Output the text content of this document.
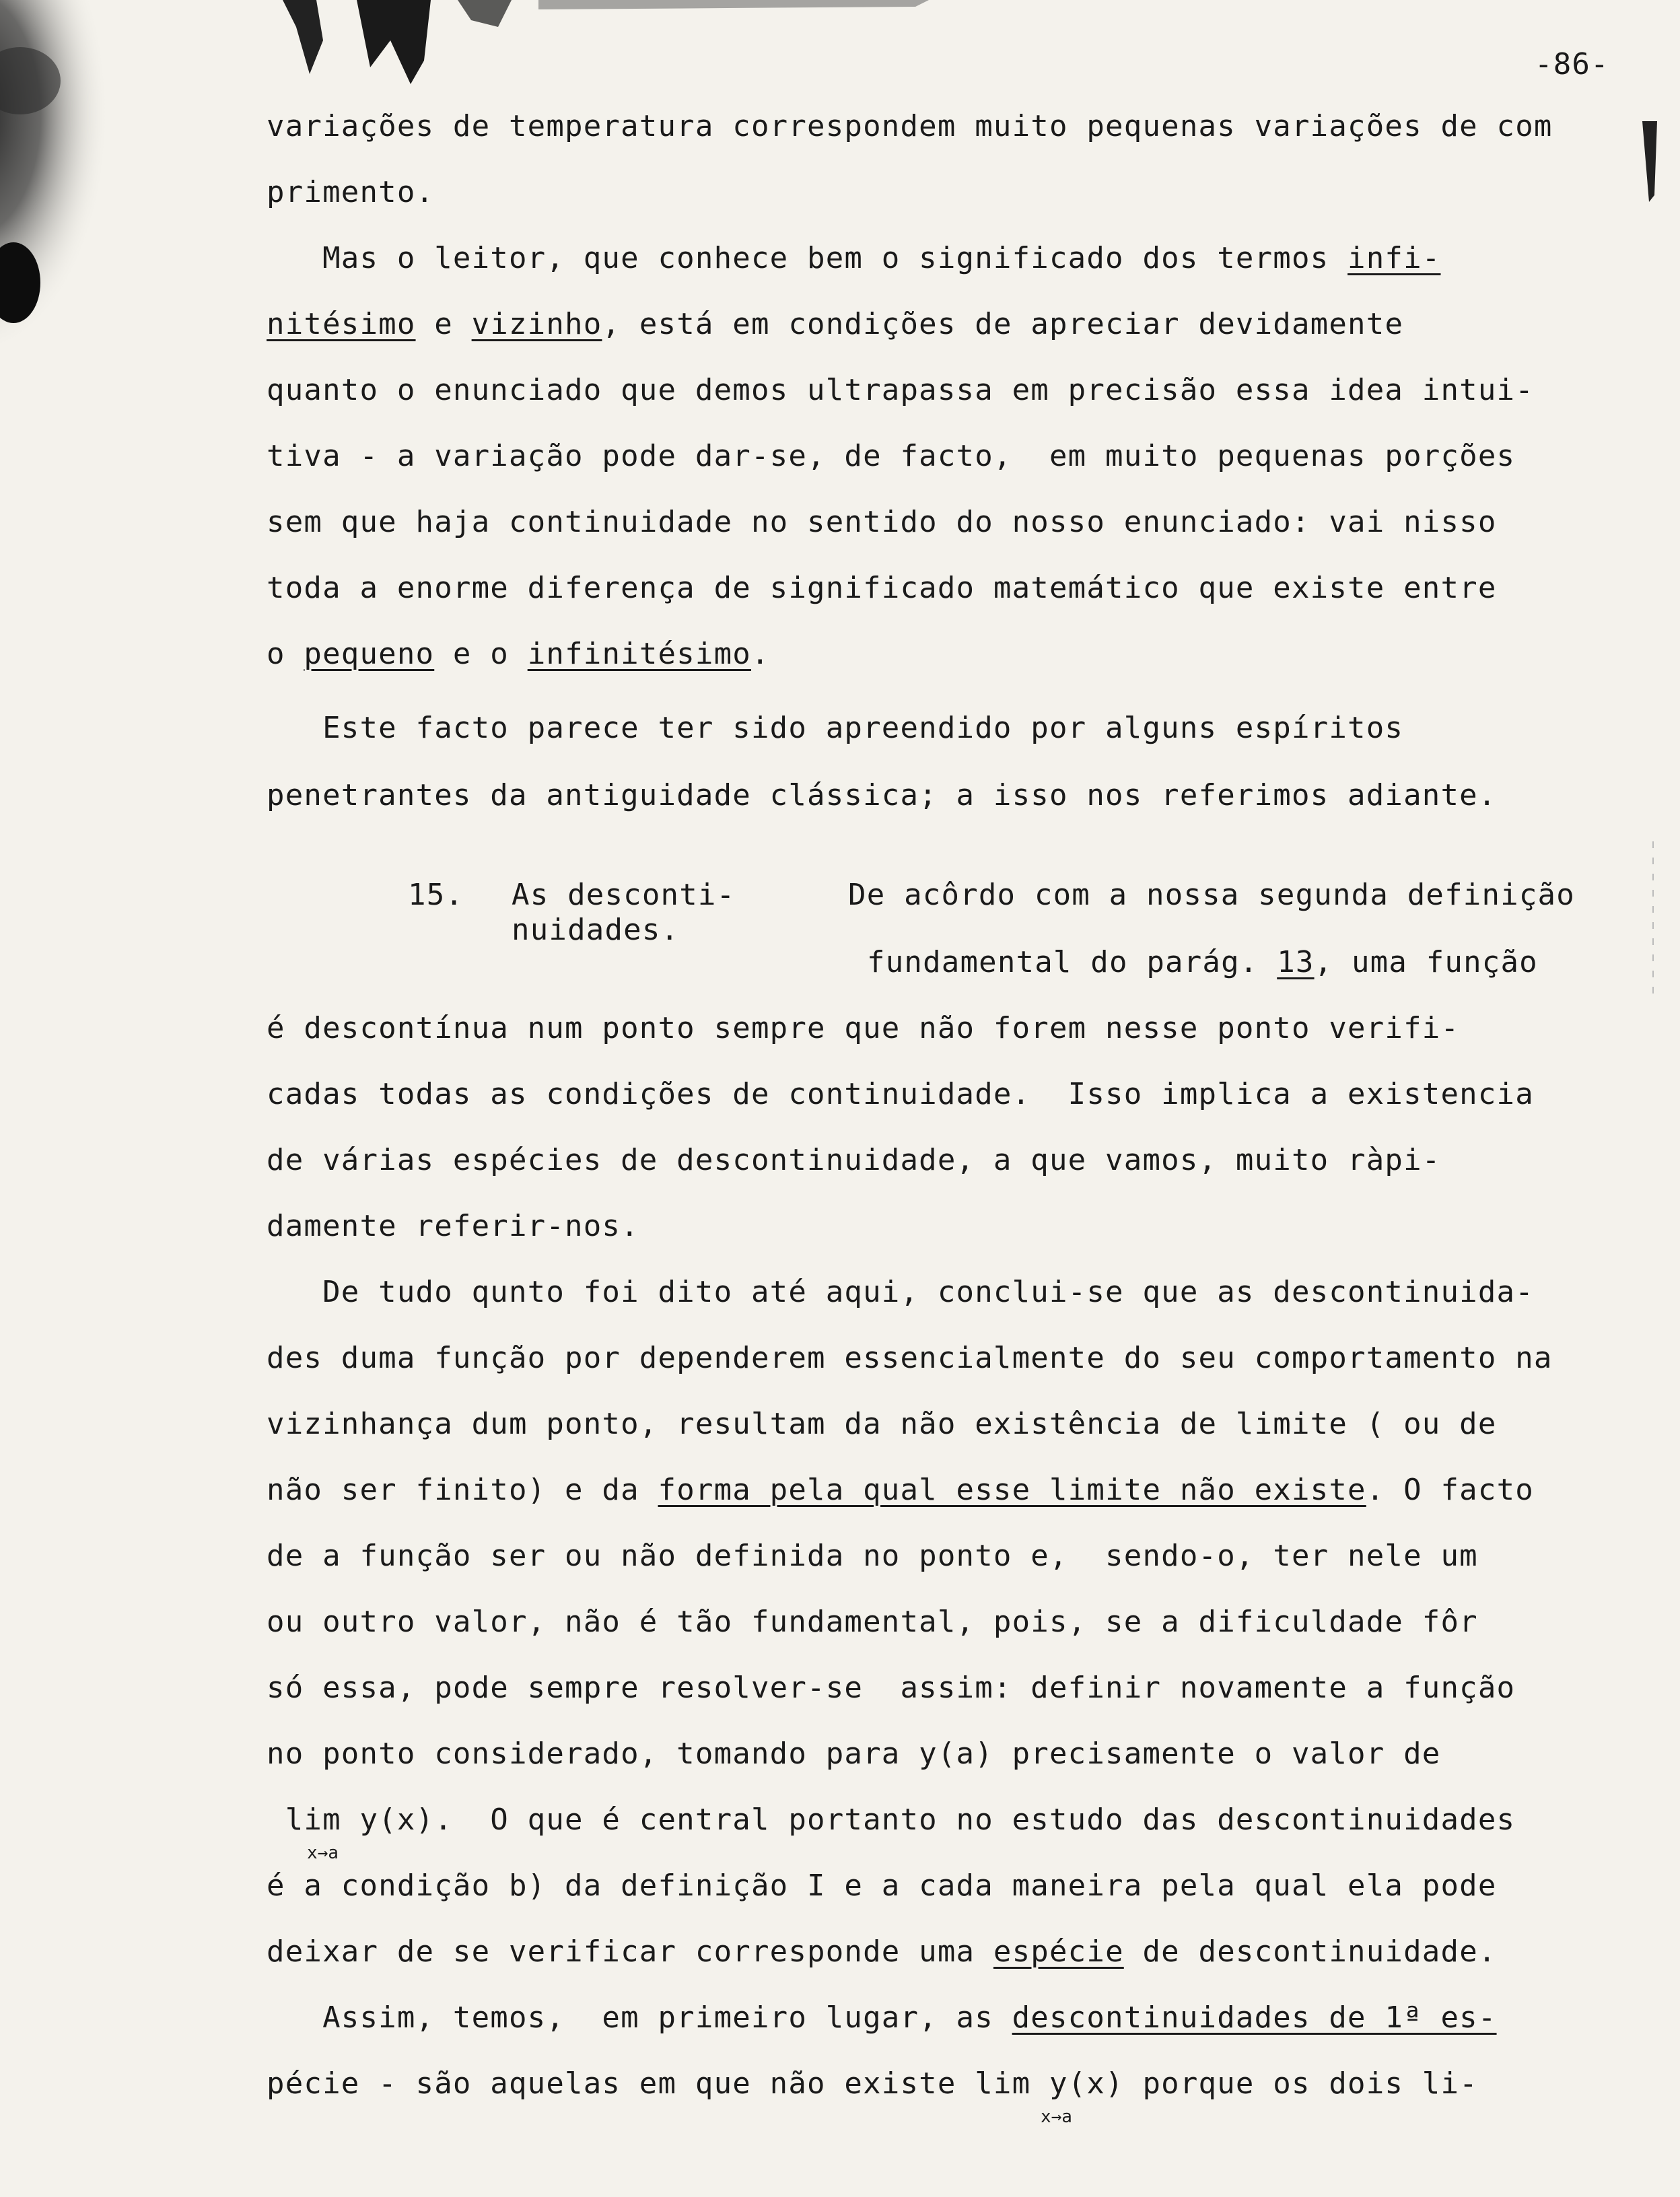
-86-
variações de temperatura correspondem muito pequenas variações de com
primento.
Mas o leitor, que conhece bem o significado dos termos infi-
nitésimo e vizinho, está em condições de apreciar devidamente
quanto o enunciado que demos ultrapassa em precisão essa idea intui-
tiva - a variação pode dar-se, de facto,  em muito pequenas porções
sem que haja continuidade no sentido do nosso enunciado: vai nisso
toda a enorme diferença de significado matemático que existe entre
o pequeno e o infinitésimo.
Este facto parece ter sido apreendido por alguns espíritos
penetrantes da antiguidade clássica; a isso nos referimos adiante.
15. As desconti-
nuidades.
De acôrdo com a nossa segunda definição
fundamental do parág. 13, uma função
é descontínua num ponto sempre que não forem nesse ponto verifi-
cadas todas as condições de continuidade.  Isso implica a existencia
de várias espécies de descontinuidade, a que vamos, muito ràpi-
damente referir-nos.
De tudo qunto foi dito até aqui, conclui-se que as descontinuida-
des duma função por dependerem essencialmente do seu comportamento na
vizinhança dum ponto, resultam da não existência de limite ( ou de
não ser finito) e da forma pela qual esse limite não existe. O facto
de a função ser ou não definida no ponto e,  sendo-o, ter nele um
ou outro valor, não é tão fundamental, pois, se a dificuldade fôr
só essa, pode sempre resolver-se  assim: definir novamente a função
no ponto considerado, tomando para y(a) precisamente o valor de
lim y(x).  O que é central portanto no estudo das descontinuidades
x→a
é a condição b) da definição I e a cada maneira pela qual ela pode
deixar de se verificar corresponde uma espécie de descontinuidade.
Assim, temos,  em primeiro lugar, as descontinuidades de 1ª es-
pécie - são aquelas em que não existe lim y(x) porque os dois li-
x→a
